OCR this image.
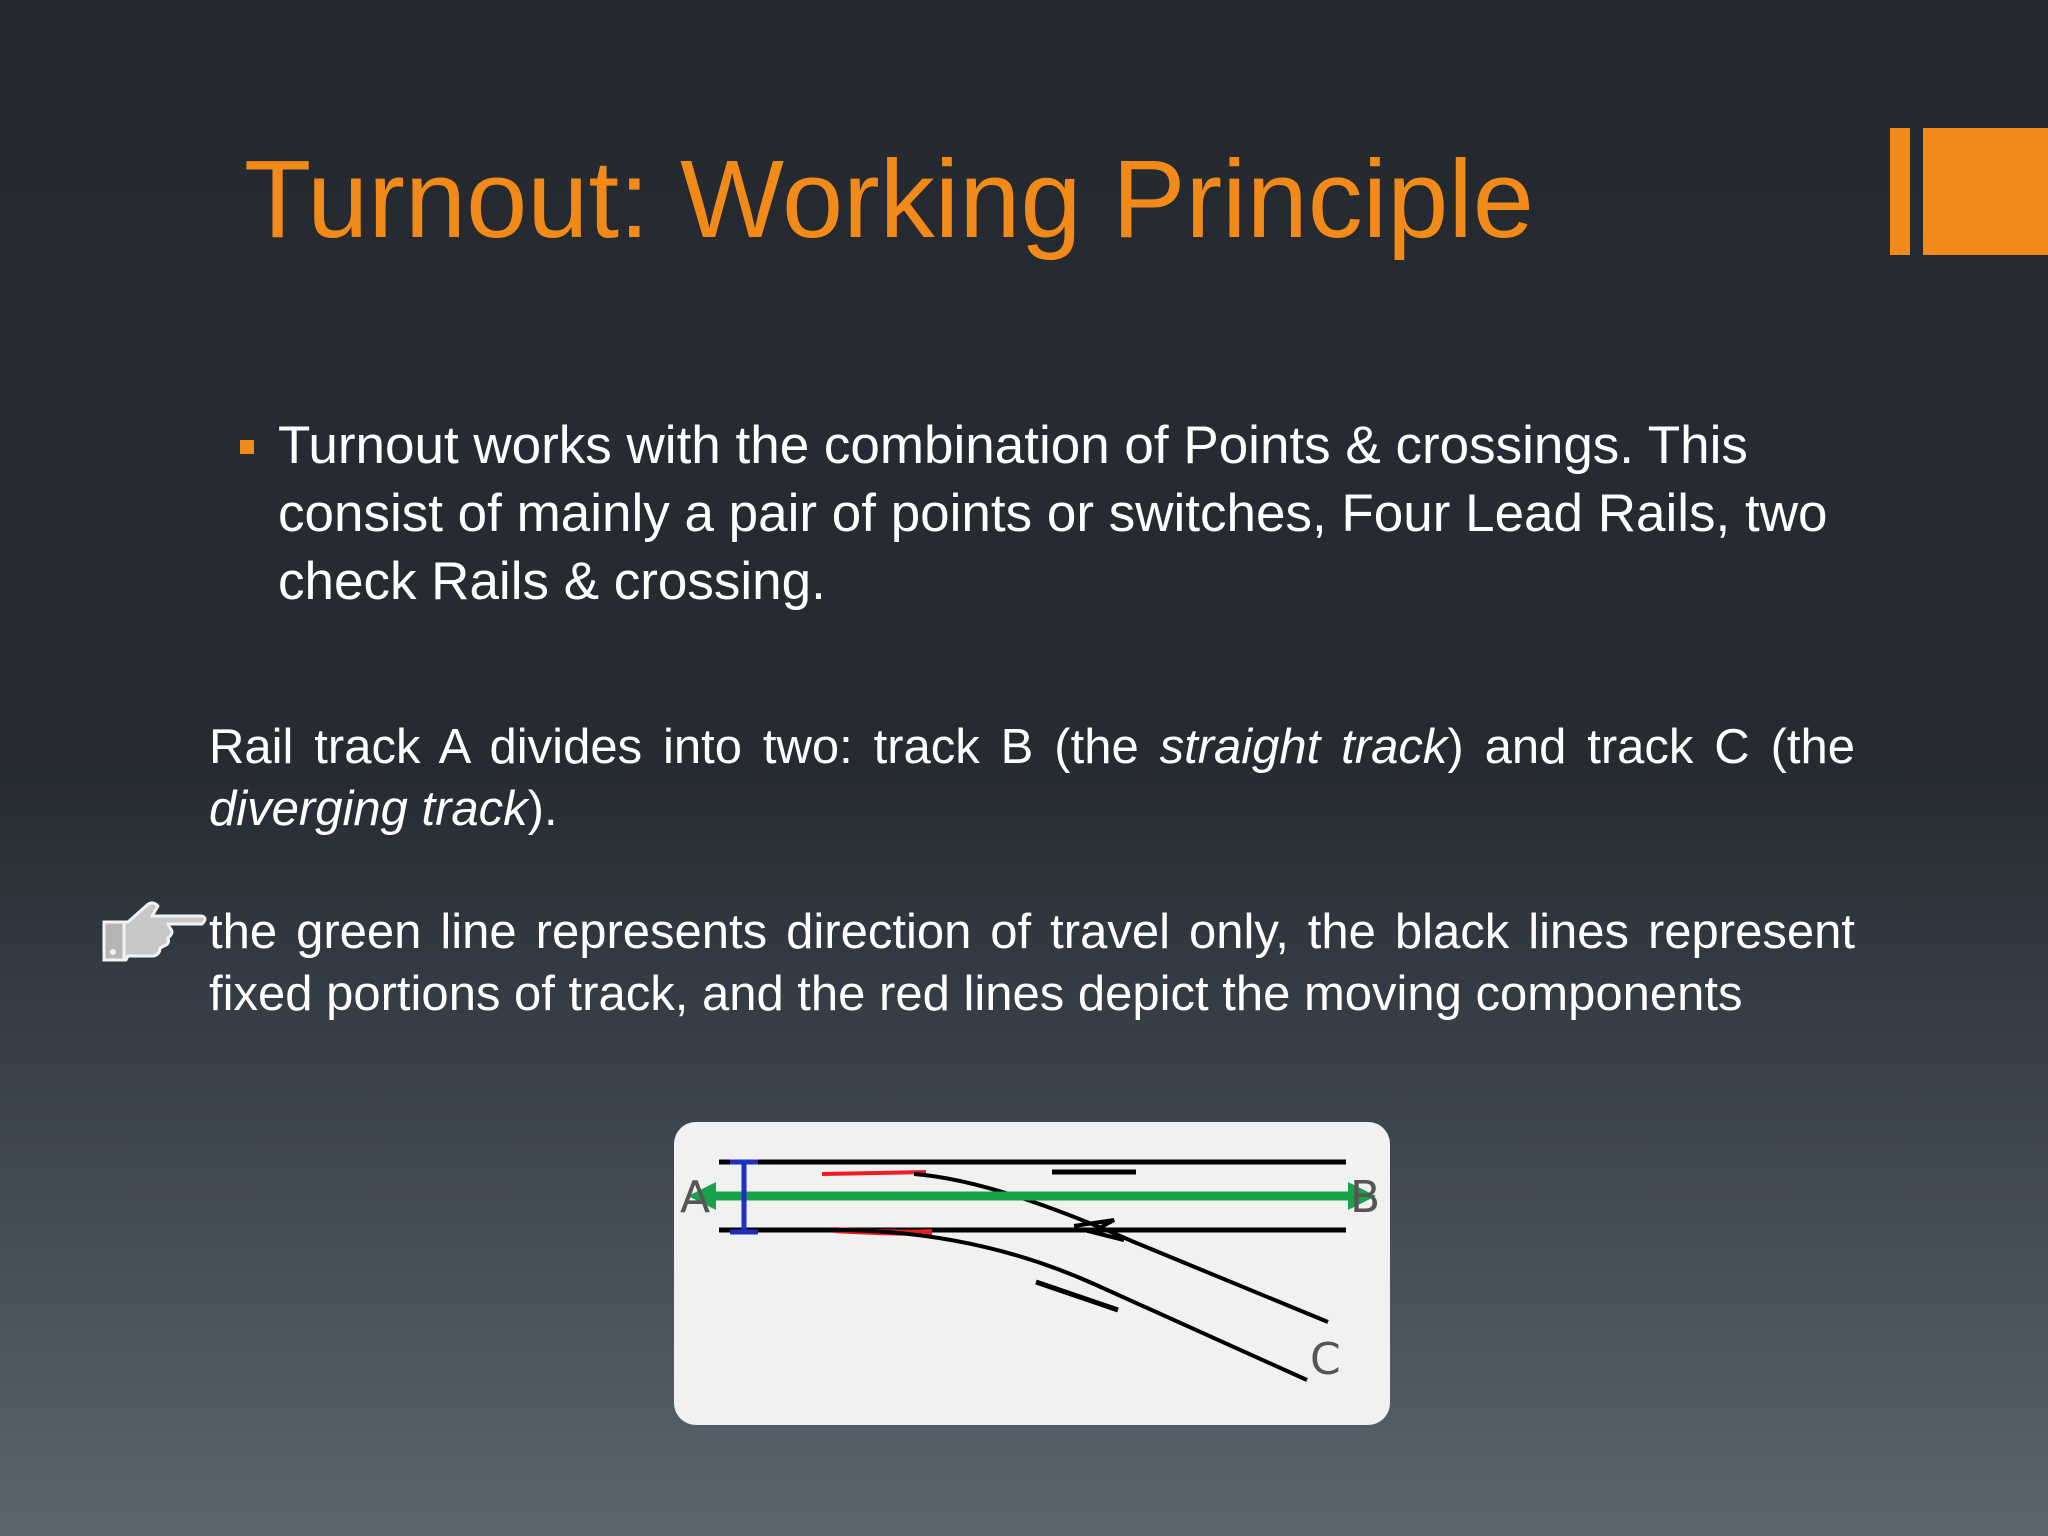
Turnout: Working Principle
Turnout works with the combination of Points & crossings. This consist of mainly a pair of points or switches, Four Lead Rails, two check Rails & crossing.

Rail track A divides into two: track B (the straight track) and track C (the diverging track).

the green line represents direction of travel only, the black lines represent fixed portions of track, and the red lines depict the moving components

A	B
C
